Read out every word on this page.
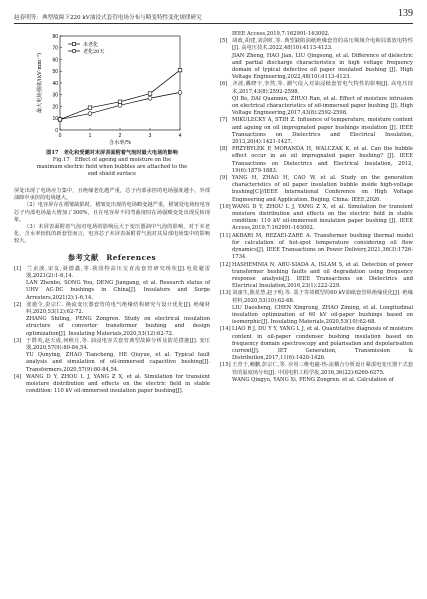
赵春明等：典型故障下220 kV油浸式套管电场分布与畸变特性变化规律研究	139
0
10
20
30
40
50
60
70
80
0	1	2	3	4
含水率/%
最大电场强度/(kV·mm⁻¹)
未老化
老化20天
图17　老化和受潮对末屏表面附着气泡时最大电场的影响
Fig.17　Effect of ageing and moisture on the
maximum electric field when bubbles are attached to the
end shield surface

屏处出现了电场应力集中，且绝缘老化越严重，芯子内部承担的电场强度越小，外部油隙中承担的电场越大。

（2）电容屏存在褶皱缺陷时，褶皱处出现的电场畸变越严重，褶皱处电场较电容芯子内部电场最大增加了300%，且在电容屏不同弯曲度时在场强畸变处出现反转现象。

（3）末屏表面附着气泡对电场的影响远大于变压器油中气泡的影响，对于未老化、含水率较低的新套管而言，电容芯子末屏表面附着气泡对其局部电场集中的影响较大。

参考文献　References
[1] 兰贞波,宋友,聂德鑫,等.我国特高压交直流套管研究现状[J].电瓷避雷器,2021(2):1-6,14.
LAN Zhenbo, SONG You, DENG Jiangang, et al. Research status of UHV AC-DC bushings in China[J]. Insulators and Surge Arresters,2021(2):1-6,14.
[2] 张施令,彭宗仁. 换流变压器套管的电气绝缘结构研究与设计优化[J]. 绝缘材料,2020,53(12):62-72.
ZHANG Shiling, PENG Zongren. Study on electrical insulation structure of converter transformer bushing and design optimization[J]. Insulating Materials,2020,53(12):62-72.
[3] 于群英,赵天成,何秋月,等. 油浸电容式套管典型故障分析及防范措施[J]. 变压器,2020,57(9):80-84,54.
YU Qunying, ZHAO Tiancheng, HE Qiuyue, et al. Typical fault analysis and simulation of oil-immersed capacitive bushing[J]. Transformers,2020,57(9):80-84,54.
[4] WANG D Y, ZHOU L J, YANG Z X, et al. Simulation for transient moisture distribution and effects on the electric field in stable condition: 110 kV oil-immersed insulation paper bushing[J].
IEEE Access,2019,7:162991-163002.
[5] 胡政,胡建,刘剑虹,等. 典型缺陷油纸绝缘套管的高压频域介电和局部放电特性[J]. 高电压技术,2022,48(10):4113-4123.
JIAN Zheng, HAO Jian, LIU Qingsong, et al. Difference of dielectric and partial discharge characteristics in high voltage frequency domain of typical defective oil paper insulated bushing [J]. High Voltage Engineering,2022,48(10):4113-4123.
[6] 齐波,戴晓宇,李然,等. 潮气侵入对油浸纸套管电气特性的影响[J]. 高电压技术,2017,43(8):2592-2598.
QI Bo, DAI Quanmin, ZHUO Ran, et al. Effect of moisture intrusion on electrical characteristics of oil-immersed paper bushing [J]. High Voltage Engineering,2017,43(8):2592-2598.
[7] MIKULECKY A, STIH Z. Influence of temperature, moisture content and ageing on oil impregnated paper bushings insulation [J]. IEEE Transactions on Dielectrics and Electrical Insulation, 2013,20(4):1421-1427.
[8] PRZYBYLEK P, MORANDA H, WALCZAK K, et al. Can the bubble effect occur in an oil impregnated paper bushing? [J]. IEEE Transactions on Dielectrics and Electrical Insulation, 2012, 19(6):1879-1883.
[9] YANG H, ZHAO H, CAO W, et al. Study on the generation characteristics of oil paper insulation bubble inside high-voltage bushing[C]//IEEE International Conference on High Voltage Engineering and Application. Beijing, China: IEEE,2020.
[10]WANG D Y, ZHOU L J, YANG Z X, et al. Simulation for transient moisture distribution and effects on the electric field in stable condition: 110 kV oil-immersed insulation paper bushing [J]. IEEE Access,2019,7:162991-163002.
[11]AKBARI M, REZAEI-ZARE A. Transformer bushing thermal model for calculation of hot-spot temperature considering oil flow dynamics[J]. IEEE Transactions on Power Delivery,2021,36(3):1726-1734.
[12]HASHEMNIA N, ABU-SIADA A, ISLAM S, et al. Detection of power transformer bushing faults and oil degradation using frequency response analysis[J]. IEEE Transactions on Dielectrics and Electrical Insulation,2016,23(1):222-229.
[13]刘康生,陈星慧,赵子明,等. 基于等效模型的60 kV油纸套管纵绝缘优化[J]. 绝缘材料,2020,53(10):62-68.
LIU Daosheng, CHEN Xingrong, ZHAO Ziming, et al. Longitudinal insulation optimization of 60 kV oil-paper bushings based on isomorphic[J]. Insulating Materials,2020,53(10):62-68.
[14]LIAO R J, DU Y Y, YANG L J, et al. Quantitative diagnosis of moisture content in oil-paper condenser bushing insulation based on frequency domain spectroscopy and polarisation and depolarisation current[J]. IET Generation, Transmission & Distribution,2017,11(6):1420-1426.
[15]王青于,赖鹏,彭宗仁,等. 应用三维电磁-热-流耦合分析设计紧凑电变压器干式套管的温度场分布[J]. 中国电机工程学报,2016,36(22):6269-6275.
WANG Qingyu, YANG Xi, PENG Zongren. et al. Calculation of
